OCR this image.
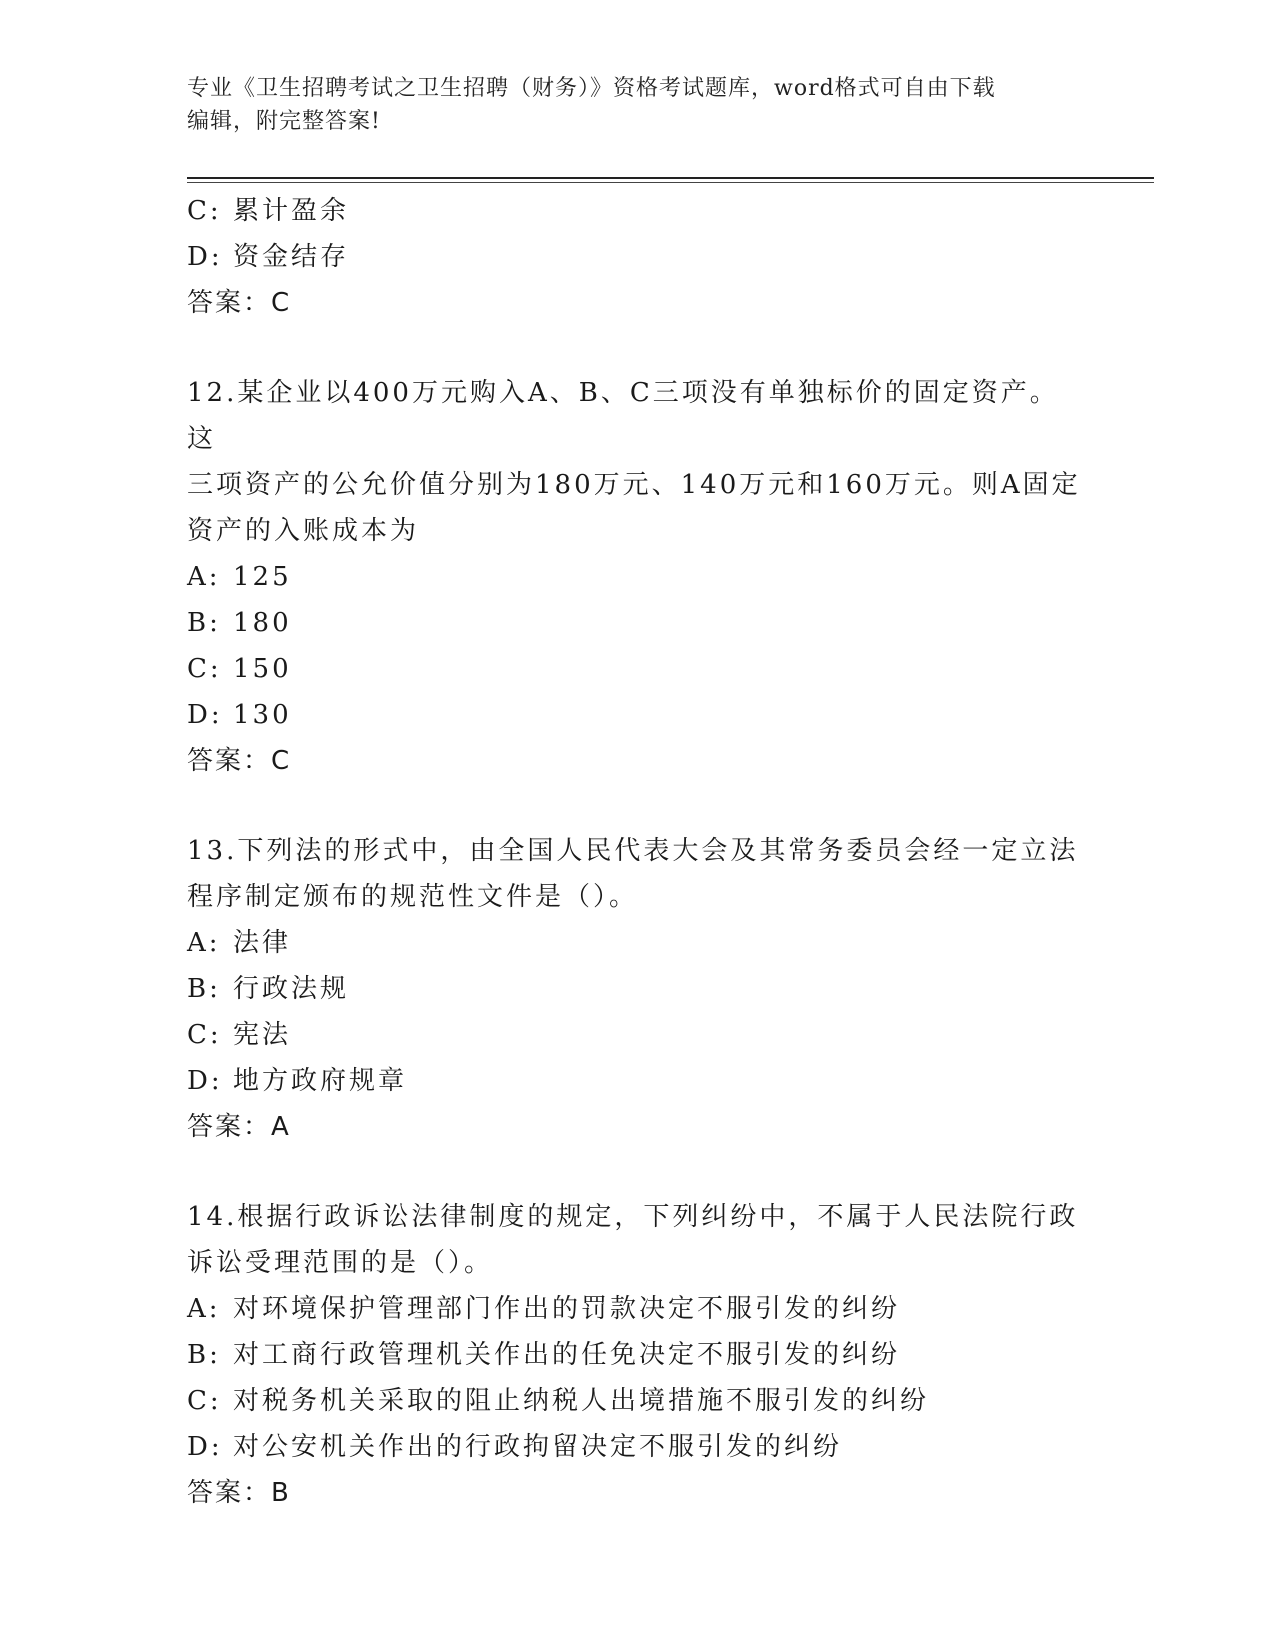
专业《卫生招聘考试之卫生招聘（财务）》资格考试题库，word格式可自由下载
编辑，附完整答案!
C: 累计盈余
D: 资金结存
答案：C
12.某企业以400万元购入A、B、C三项没有单独标价的固定资产。这
三项资产的公允价值分别为180万元、140万元和160万元。则A固定
资产的入账成本为
A: 125
B: 180
C: 150
D: 130
答案：C
13.下列法的形式中，由全国人民代表大会及其常务委员会经一定立法
程序制定颁布的规范性文件是（）。
A: 法律
B: 行政法规
C: 宪法
D: 地方政府规章
答案：A
14.根据行政诉讼法律制度的规定，下列纠纷中，不属于人民法院行政
诉讼受理范围的是（）。
A: 对环境保护管理部门作出的罚款决定不服引发的纠纷
B: 对工商行政管理机关作出的任免决定不服引发的纠纷
C: 对税务机关采取的阻止纳税人出境措施不服引发的纠纷
D: 对公安机关作出的行政拘留决定不服引发的纠纷
答案：B
